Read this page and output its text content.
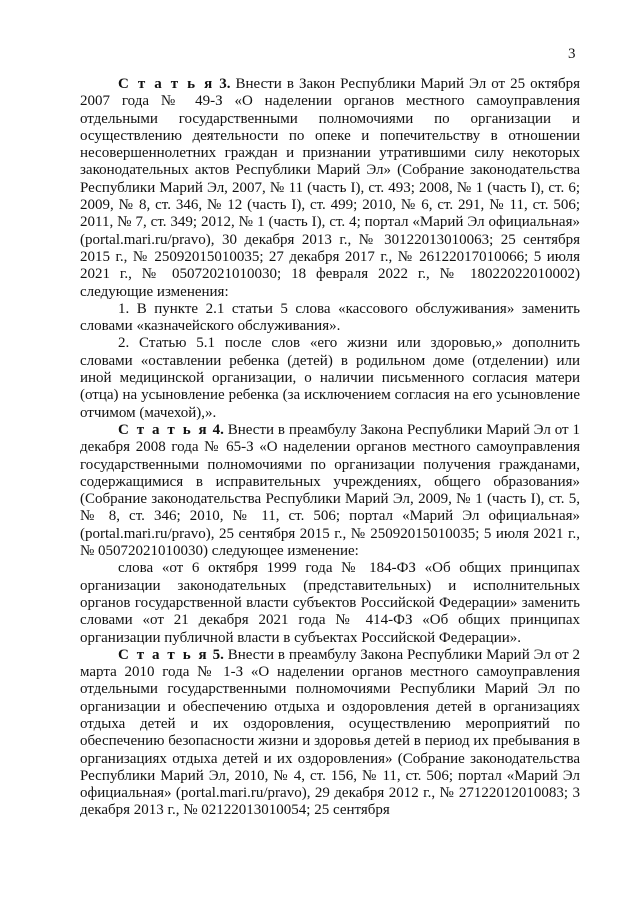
3

С т а т ь я 3. Внести в Закон Республики Марий Эл от 25 октября 2007 года № 49-З «О наделении органов местного самоуправления отдельными государственными полномочиями по организации и осуществлению деятельности по опеке и попечительству в отношении несовершеннолетних граждан и признании утратившими силу некоторых законодательных актов Республики Марий Эл» (Собрание законодательства Республики Марий Эл, 2007, № 11 (часть I), ст. 493; 2008, № 1 (часть I), ст. 6; 2009, № 8, ст. 346, № 12 (часть I), ст. 499; 2010, № 6, ст. 291, № 11, ст. 506; 2011, № 7, ст. 349; 2012, № 1 (часть I), ст. 4; портал «Марий Эл официальная» (portal.mari.ru/pravo), 30 декабря 2013 г., № 30122013010063; 25 сентября 2015 г., № 25092015010035; 27 декабря 2017 г., № 26122017010066; 5 июля 2021 г., № 05072021010030; 18 февраля 2022 г., № 18022022010002) следующие изменения:

1. В пункте 2.1 статьи 5 слова «кассового обслуживания» заменить словами «казначейского обслуживания».

2. Статью 5.1 после слов «его жизни или здоровью,» дополнить словами «оставлении ребенка (детей) в родильном доме (отделении) или иной медицинской организации, о наличии письменного согласия матери (отца) на усыновление ребенка (за исключением согласия на его усыновление отчимом (мачехой),».

С т а т ь я 4. Внести в преамбулу Закона Республики Марий Эл от 1 декабря 2008 года № 65-З «О наделении органов местного самоуправления государственными полномочиями по организации получения гражданами, содержащимися в исправительных учреждениях, общего образования» (Собрание законодательства Республики Марий Эл, 2009, № 1 (часть I), ст. 5, № 8, ст. 346; 2010, № 11, ст. 506; портал «Марий Эл официальная» (portal.mari.ru/pravo), 25 сентября 2015 г., № 25092015010035; 5 июля 2021 г., № 05072021010030) следующее изменение:

слова «от 6 октября 1999 года № 184-ФЗ «Об общих принципах организации законодательных (представительных) и исполнительных органов государственной власти субъектов Российской Федерации» заменить словами «от 21 декабря 2021 года № 414-ФЗ «Об общих принципах организации публичной власти в субъектах Российской Федерации».

С т а т ь я 5. Внести в преамбулу Закона Республики Марий Эл от 2 марта 2010 года № 1-З «О наделении органов местного самоуправления отдельными государственными полномочиями Республики Марий Эл по организации и обеспечению отдыха и оздоровления детей в организациях отдыха детей и их оздоровления, осуществлению мероприятий по обеспечению безопасности жизни и здоровья детей в период их пребывания в организациях отдыха детей и их оздоровления» (Собрание законодательства Республики Марий Эл, 2010, № 4, ст. 156, № 11, ст. 506; портал «Марий Эл официальная» (portal.mari.ru/pravo), 29 декабря 2012 г., № 27122012010083; 3 декабря 2013 г., № 02122013010054; 25 сентября
